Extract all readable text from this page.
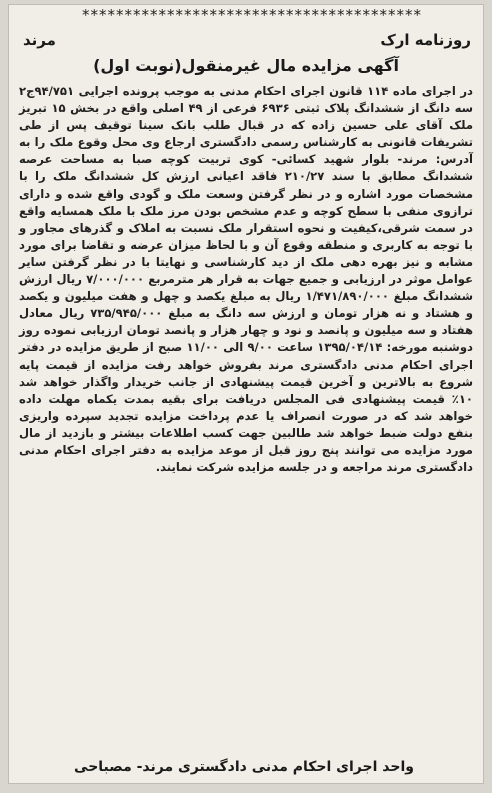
****************************************
روزنامه ارک
مرند
آگهی مزایده مال غیرمنقول(نوبت اول)

در اجرای ماده ۱۱۴ قانون اجرای احکام مدنی به موجب پرونده اجرایی ۹۴/۷۵۱ج۲ سه دانگ از ششدانگ پلاک ثبتی ۶۹۳۶ فرعی از ۴۹ اصلی واقع در بخش ۱۵ تبریز ملک آقای علی حسین زاده که در قبال طلب بانک سینا توقیف پس از طی تشریفات قانونی به کارشناس رسمی دادگستری ارجاع وی محل وقوع ملک را به آدرس: مرند- بلوار شهید کسائی- کوی تربیت کوچه صبا به مساحت عرصه ششدانگ مطابق با سند ۲۱۰/۲۷ فاقد اعیانی ارزش کل ششدانگ ملک را با مشخصات مورد اشاره و در نظر گرفتن وسعت ملک و گودی واقع شده و دارای ترازوی منفی با سطح کوچه و عدم مشخص بودن مرز ملک با ملک همسایه واقع در سمت شرقی،کیفیت و نحوه استقرار ملک نسبت به املاک و گذرهای مجاور و با توجه به کاربری و منطقه وقوع آن و با لحاظ میزان عرضه و تقاضا برای مورد مشابه و نیز بهره دهی ملک از دید کارشناسی و نهایتا با در نظر گرفتن سایر عوامل موثر در ارزیابی و جمیع جهات به قرار هر مترمربع ۷/۰۰۰/۰۰۰ ریال ارزش ششدانگ مبلغ ۱/۴۷۱/۸۹۰/۰۰۰ ریال به مبلغ یکصد و چهل و هفت میلیون و یکصد و هشتاد و نه هزار تومان و ارزش سه دانگ به مبلغ ۷۳۵/۹۴۵/۰۰۰ ریال معادل هفتاد و سه میلیون و پانصد و نود و چهار هزار و پانصد تومان ارزیابی نموده روز دوشنبه مورخه: ۱۳۹۵/۰۴/۱۴ ساعت ۹/۰۰ الی ۱۱/۰۰ صبح از طریق مزایده در دفتر اجرای احکام مدنی دادگستری مرند بفروش خواهد رفت مزایده از قیمت پایه شروع به بالاترین و آخرین قیمت پیشنهادی از جانب خریدار واگذار خواهد شد ۱۰٪ قیمت پیشنهادی فی المجلس دریافت برای بقیه بمدت یکماه مهلت داده خواهد شد که در صورت انصراف یا عدم پرداخت مزایده تجدید سپرده واریزی بنفع دولت ضبط خواهد شد طالبین جهت کسب اطلاعات بیشتر و بازدید از مال مورد مزایده می توانند پنج روز قبل از موعد مزایده به دفتر اجرای احکام مدنی دادگستری مرند مراجعه و در جلسه مزایده شرکت نمایند.

واحد اجرای احکام مدنی دادگستری مرند- مصباحی
